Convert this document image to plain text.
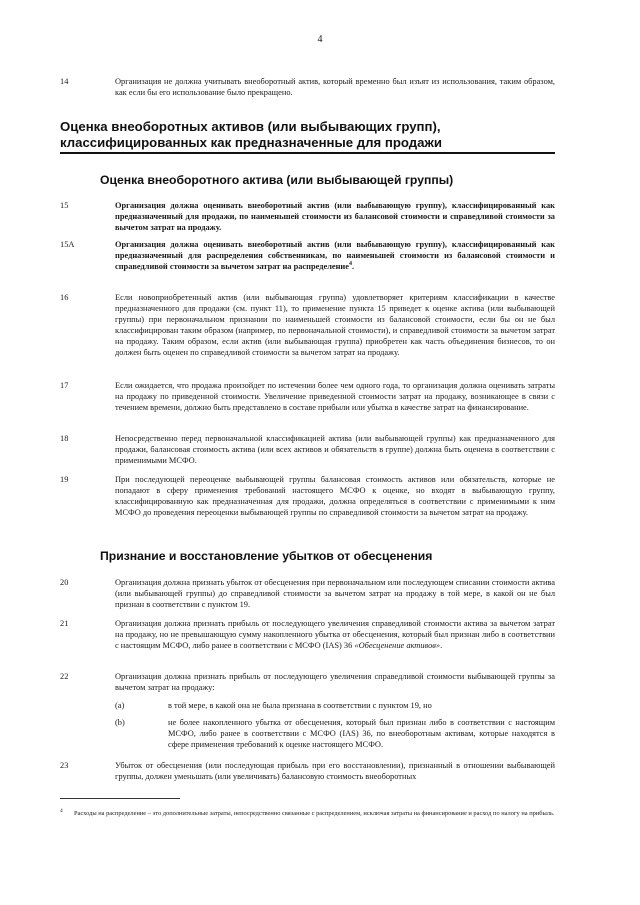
4
14	Организация не должна учитывать внеоборотный актив, который временно был изъят из использования, таким образом, как если бы его использование было прекращено.
Оценка внеоборотных активов (или выбывающих групп), классифицированных как предназначенные для продажи
Оценка внеоборотного актива (или выбывающей группы)
15	Организация должна оценивать внеоборотный актив (или выбывающую группу), классифицированный как предназначенный для продажи, по наименьшей стоимости из балансовой стоимости и справедливой стоимости за вычетом затрат на продажу.
15A	Организация должна оценивать внеоборотный актив (или выбывающую группу), классифицированный как предназначенный для распределения собственникам, по наименьшей стоимости из балансовой стоимости и справедливой стоимости за вычетом затрат на распределение$^4$.
16	Если новоприобретенный актив (или выбывающая группа) удовлетворяет критериям классификации в качестве предназначенного для продажи (см. пункт 11), то применение пункта 15 приведет к оценке актива (или выбывающей группы) при первоначальном признании по наименьшей стоимости из балансовой стоимости, если бы он не был классифицирован таким образом (например, по первоначальной стоимости), и справедливой стоимости за вычетом затрат на продажу. Таким образом, если актив (или выбывающая группа) приобретен как часть объединения бизнесов, то он должен быть оценен по справедливой стоимости за вычетом затрат на продажу.
17	Если ожидается, что продажа произойдет по истечении более чем одного года, то организация должна оценивать затраты на продажу по приведенной стоимости. Увеличение приведенной стоимости затрат на продажу, возникающее в связи с течением времени, должно быть представлено в составе прибыли или убытка в качестве затрат на финансирование.
18	Непосредственно перед первоначальной классификацией актива (или выбывающей группы) как предназначенного для продажи, балансовая стоимость актива (или всех активов и обязательств в группе) должна быть оценена в соответствии с применимыми МСФО.
19	При последующей переоценке выбывающей группы балансовая стоимость активов или обязательств, которые не попадают в сферу применения требований настоящего МСФО к оценке, но входят в выбывающую группу, классифицированную как предназначенная для продажи, должна определяться в соответствии с применимыми к ним МСФО до проведения переоценки выбывающей группы по справедливой стоимости за вычетом затрат на продажу.
Признание и восстановление убытков от обесценения
20	Организация должна признать убыток от обесценения при первоначальном или последующем списании стоимости актива (или выбывающей группы) до справедливой стоимости за вычетом затрат на продажу в той мере, в какой он не был признан в соответствии с пунктом 19.
21	Организация должна признать прибыль от последующего увеличения справедливой стоимости актива за вычетом затрат на продажу, но не превышающую сумму накопленного убытка от обесценения, который был признан либо в соответствии с настоящим МСФО, либо ранее в соответствии с МСФО (IAS) 36 «Обесценение активов».
22	Организация должна признать прибыль от последующего увеличения справедливой стоимости выбывающей группы за вычетом затрат на продажу:
(a)	в той мере, в какой она не была признана в соответствии с пунктом 19, но
(b)	не более накопленного убытка от обесценения, который был признан либо в соответствии с настоящим МСФО, либо ранее в соответствии с МСФО (IAS) 36, по внеоборотным активам, которые находятся в сфере применения требований к оценке настоящего МСФО.
23	Убыток от обесценения (или последующая прибыль при его восстановлении), признанный в отношении выбывающей группы, должен уменьшать (или увеличивать) балансовую стоимость внеоборотных
4 Расходы на распределение – это дополнительные затраты, непосредственно связанные с распределением, исключая затраты на финансирование и расход по налогу на прибыль.
